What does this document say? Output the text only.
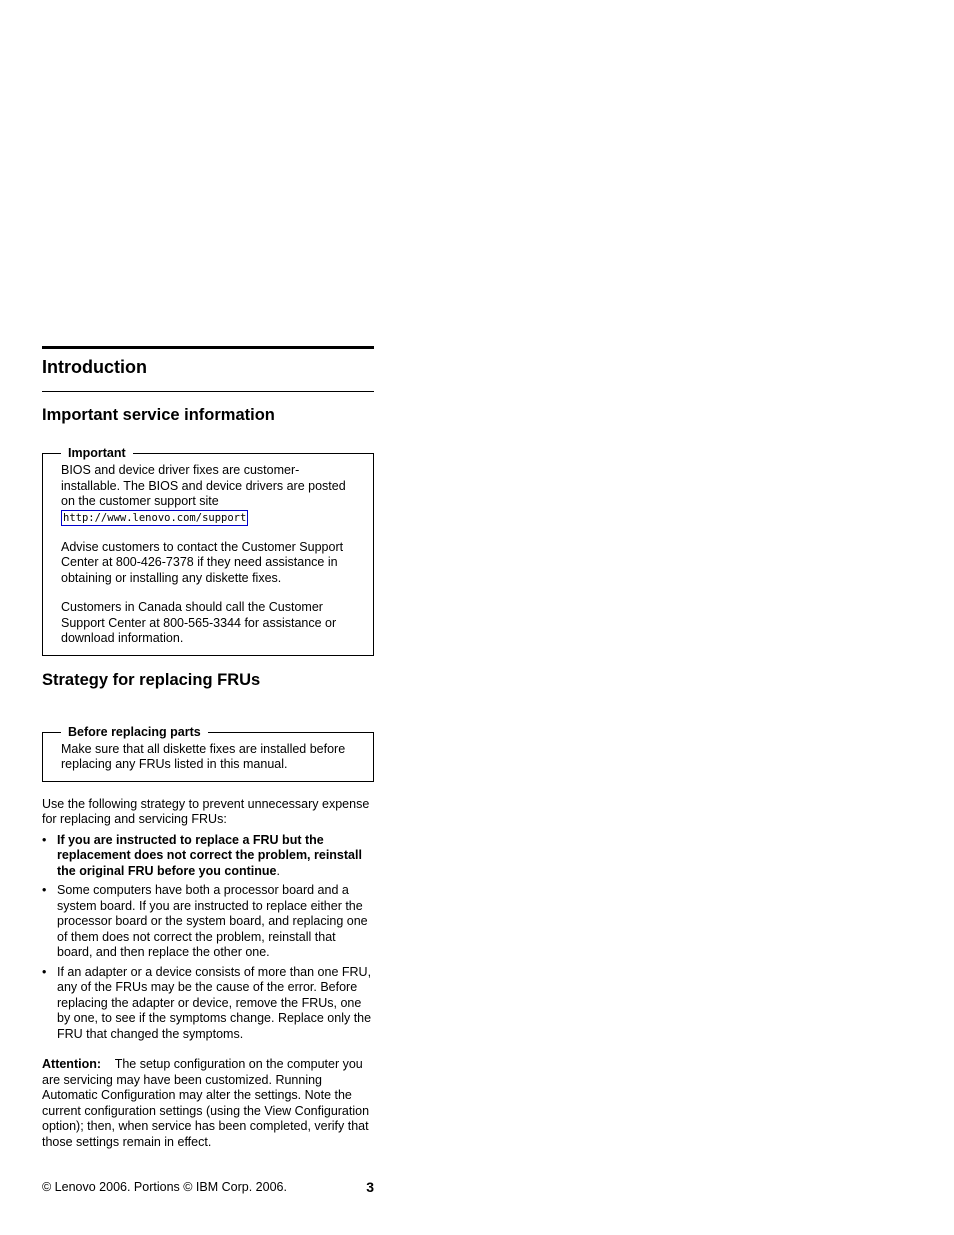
Introduction
Important service information
Important

BIOS and device driver fixes are customer-installable. The BIOS and device drivers are posted on the customer support site
http://www.lenovo.com/support

Advise customers to contact the Customer Support Center at 800-426-7378 if they need assistance in obtaining or installing any diskette fixes.

Customers in Canada should call the Customer Support Center at 800-565-3344 for assistance or download information.

Strategy for replacing FRUs
Before replacing parts

Make sure that all diskette fixes are installed before replacing any FRUs listed in this manual.

Use the following strategy to prevent unnecessary expense for replacing and servicing FRUs:

• If you are instructed to replace a FRU but the replacement does not correct the problem, reinstall the original FRU before you continue.
• Some computers have both a processor board and a system board. If you are instructed to replace either the processor board or the system board, and replacing one of them does not correct the problem, reinstall that board, and then replace the other one.
• If an adapter or a device consists of more than one FRU, any of the FRUs may be the cause of the error. Before replacing the adapter or device, remove the FRUs, one by one, to see if the symptoms change. Replace only the FRU that changed the symptoms.

Attention: The setup configuration on the computer you are servicing may have been customized. Running Automatic Configuration may alter the settings. Note the current configuration settings (using the View Configuration option); then, when service has been completed, verify that those settings remain in effect.

© Lenovo 2006. Portions © IBM Corp. 2006.	3
